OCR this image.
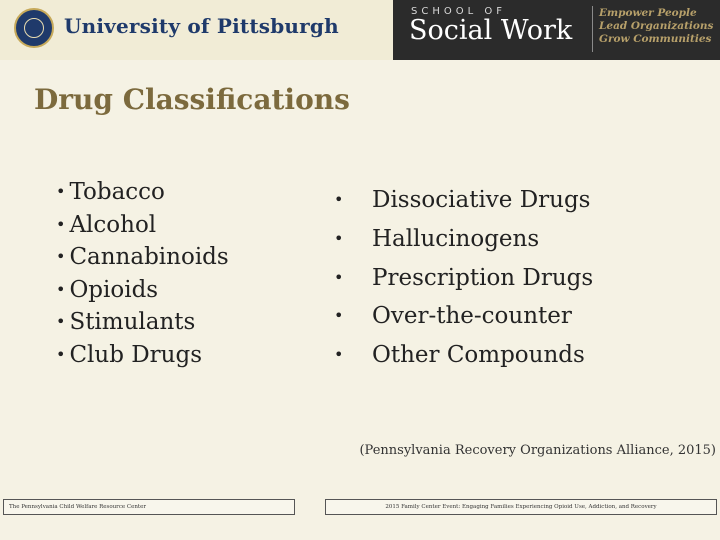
University of Pittsburgh
SCHOOL OF
Social Work
Empower People
Lead Organizations
Grow Communities
Drug Classifications
• Tobacco
• Alcohol
• Cannabinoids
• Opioids
• Stimulants
• Club Drugs
• Dissociative Drugs
• Hallucinogens
• Prescription Drugs
• Over-the-counter
• Other Compounds
(Pennsylvania Recovery Organizations Alliance, 2015)
The Pennsylvania Child Welfare Resource Center	2015 Family Center Event: Engaging Families Experiencing Opioid Use, Addiction, and Recovery
